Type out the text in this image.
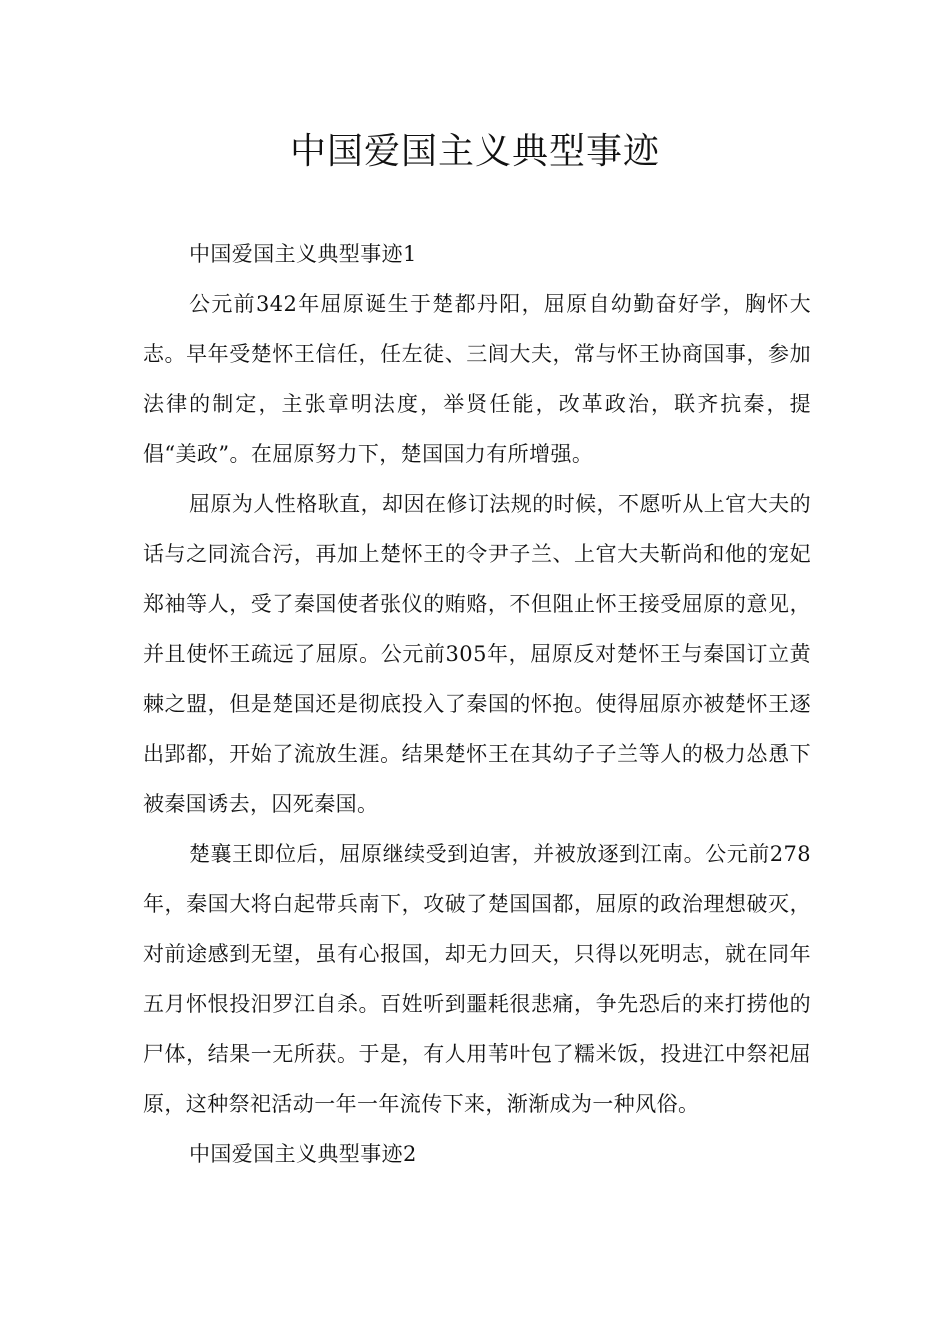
中国爱国主义典型事迹

中国爱国主义典型事迹1

公元前342年屈原诞生于楚都丹阳，屈原自幼勤奋好学，胸怀大志。早年受楚怀王信任，任左徒、三闾大夫，常与怀王协商国事，参加法律的制定，主张章明法度，举贤任能，改革政治，联齐抗秦，提倡“美政”。在屈原努力下，楚国国力有所增强。

屈原为人性格耿直，却因在修订法规的时候，不愿听从上官大夫的话与之同流合污，再加上楚怀王的令尹子兰、上官大夫靳尚和他的宠妃郑袖等人，受了秦国使者张仪的贿赂，不但阻止怀王接受屈原的意见，并且使怀王疏远了屈原。公元前305年，屈原反对楚怀王与秦国订立黄棘之盟，但是楚国还是彻底投入了秦国的怀抱。使得屈原亦被楚怀王逐出郢都，开始了流放生涯。结果楚怀王在其幼子子兰等人的极力怂恿下被秦国诱去，囚死秦国。

楚襄王即位后，屈原继续受到迫害，并被放逐到江南。公元前278年，秦国大将白起带兵南下，攻破了楚国国都，屈原的政治理想破灭，对前途感到无望，虽有心报国，却无力回天，只得以死明志，就在同年五月怀恨投汨罗江自杀。百姓听到噩耗很悲痛，争先恐后的来打捞他的尸体，结果一无所获。于是，有人用苇叶包了糯米饭，投进江中祭祀屈原，这种祭祀活动一年一年流传下来，渐渐成为一种风俗。

中国爱国主义典型事迹2
